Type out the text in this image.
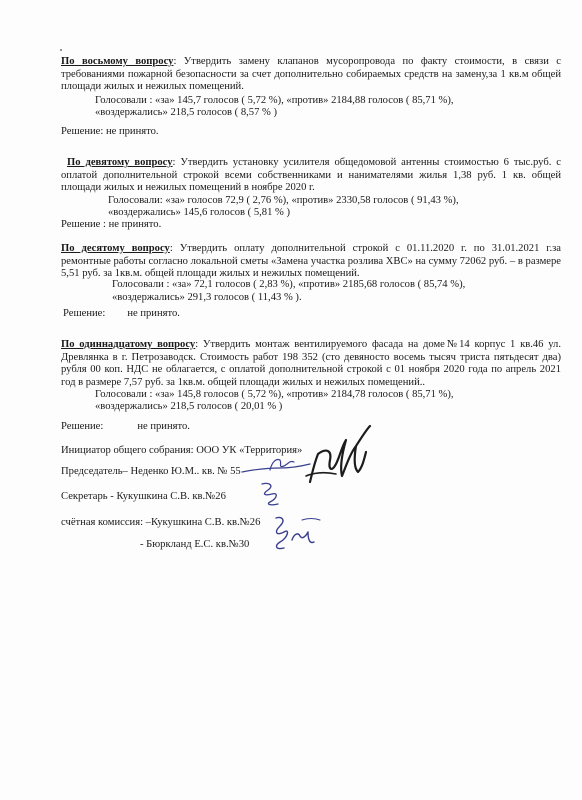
По восьмому вопросу: Утвердить замену клапанов мусоропровода по факту стоимости, в связи с требованиями пожарной безопасности за счет дополнительно собираемых средств на замену,за 1 кв.м общей площади жилых и нежилых помещений.

Голосовали : «за» 145,7 голосов ( 5,72 %), «против» 2184,88 голосов ( 85,71 %),

«воздержались» 218,5 голосов ( 8,57 % )

Решение: не принято.

По девятому вопросу: Утвердить установку усилителя общедомовой антенны стоимостью 6 тыс.руб. с оплатой дополнительной строкой всеми собственниками и нанимателями жилья 1,38 руб. 1 кв. общей площади жилых и нежилых помещений в ноябре 2020 г.

Голосовали: «за» голосов 72,9 ( 2,76 %), «против» 2330,58 голосов ( 91,43 %),

«воздержались» 145,6 голосов ( 5,81 % )

Решение : не принято.

По десятому вопросу: Утвердить оплату дополнительной строкой с 01.11.2020 г. по 31.01.2021 г.за ремонтные работы согласно локальной сметы «Замена участка розлива ХВС» на сумму 72062 руб. – в размере 5,51 руб. за 1кв.м. общей площади жилых и нежилых помещений.

Голосовали : «за» 72,1 голосов ( 2,83 %), «против» 2185,68 голосов ( 85,74 %),

«воздержались» 291,3 голосов ( 11,43 % ).

Решение: не принято.

По одиннадцатому вопросу: Утвердить монтаж вентилируемого фасада на доме№14 корпус 1 кв.46 ул. Древлянка в г. Петрозаводск. Стоимость работ 198 352 (сто девяносто восемь тысяч триста пятьдесят два) рубля 00 коп. НДС не облагается, с оплатой дополнительной строкой с 01 ноября 2020 года по апрель 2021 год в размере 7,57 руб. за 1кв.м. общей площади жилых и нежилых помещений..

Голосовали : «за» 145,8 голосов ( 5,72 %), «против» 2184,78 голосов ( 85,71 %),

«воздержались» 218,5 голосов ( 20,01 % )

Решение:	не принято.

Инициатор общего собрания: ООО УК «Территория»

Председатель– Неденко Ю.М.. кв. № 55

Секретарь - Кукушкина С.В. кв.№26

счётная комиссия: –Кукушкина С.В. кв.№26

- Бюркланд Е.С. кв.№30
